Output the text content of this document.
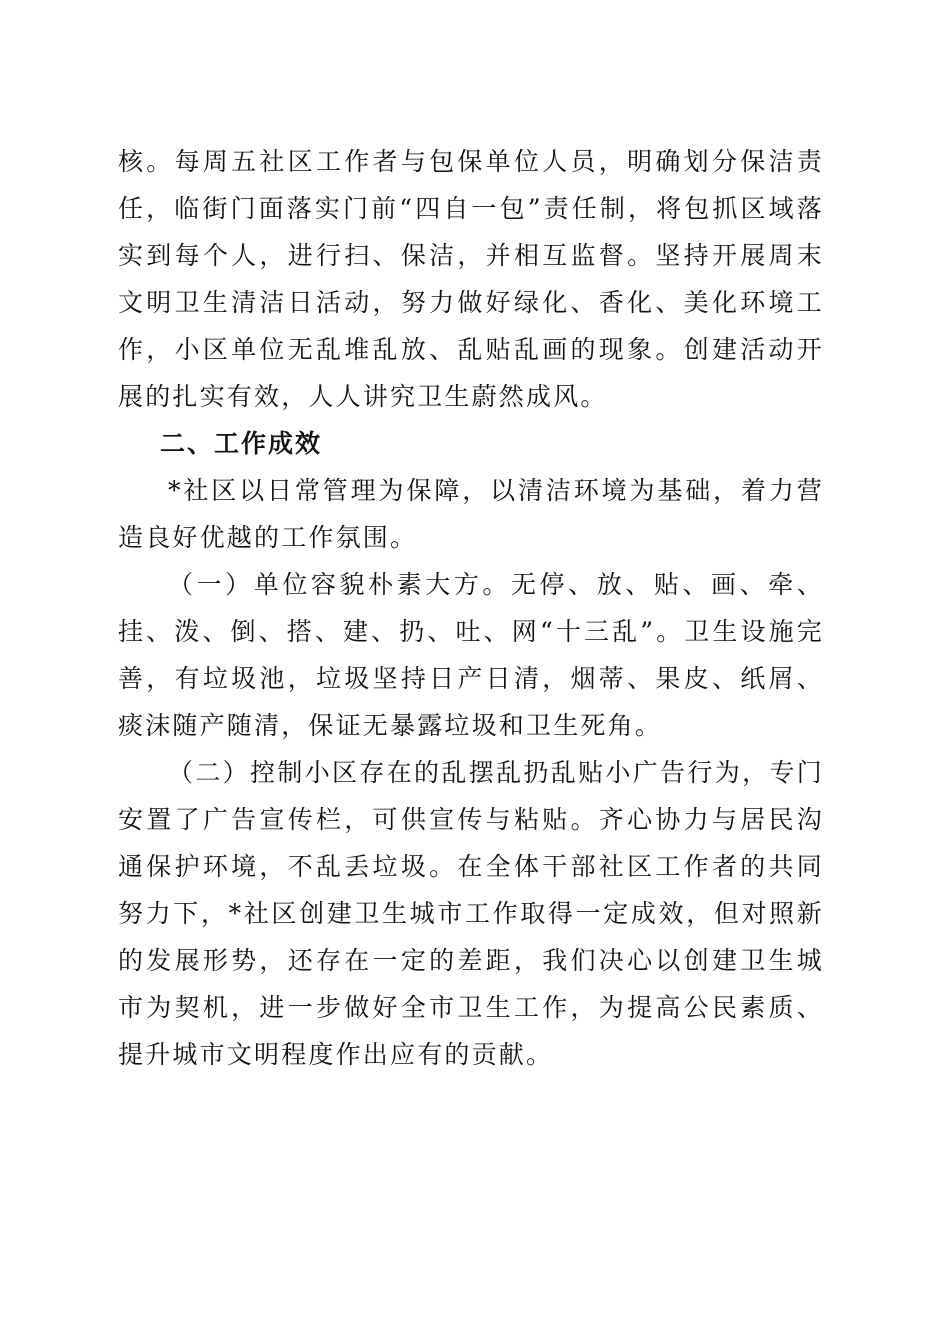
核。每周五社区工作者与包保单位人员，明确划分保洁责任，临街门面落实门前“四自一包”责任制，将包抓区域落实到每个人，进行扫、保洁，并相互监督。坚持开展周末文明卫生清洁日活动，努力做好绿化、香化、美化环境工作，小区单位无乱堆乱放、乱贴乱画的现象。创建活动开展的扎实有效，人人讲究卫生蔚然成风。

二、工作成效

*社区以日常管理为保障，以清洁环境为基础，着力营造良好优越的工作氛围。

（一）单位容貌朴素大方。无停、放、贴、画、牵、挂、泼、倒、搭、建、扔、吐、网“十三乱”。卫生设施完善，有垃圾池，垃圾坚持日产日清，烟蒂、果皮、纸屑、痰沫随产随清，保证无暴露垃圾和卫生死角。

（二）控制小区存在的乱摆乱扔乱贴小广告行为，专门安置了广告宣传栏，可供宣传与粘贴。齐心协力与居民沟通保护环境，不乱丢垃圾。在全体干部社区工作者的共同努力下，*社区创建卫生城市工作取得一定成效，但对照新的发展形势，还存在一定的差距，我们决心以创建卫生城市为契机，进一步做好全市卫生工作，为提高公民素质、提升城市文明程度作出应有的贡献。
